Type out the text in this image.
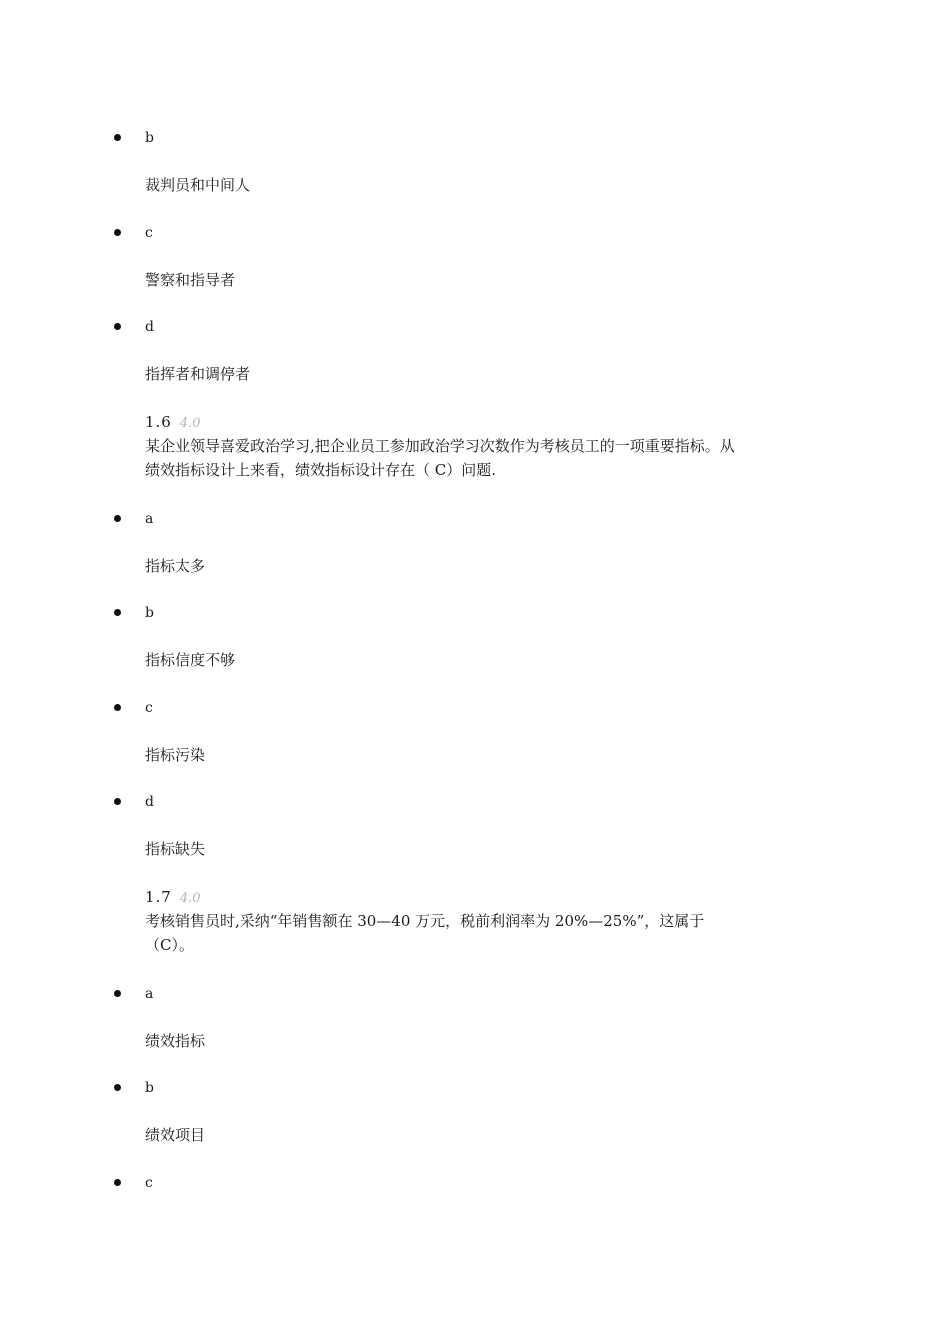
b
裁判员和中间人
c
警察和指导者
d
指挥者和调停者
1.6 4.0
某企业领导喜爱政治学习,把企业员工参加政治学习次数作为考核员工的一项重要指标。从
绩效指标设计上来看，绩效指标设计存在（ C）问题.
a
指标太多
b
指标信度不够
c
指标污染
d
指标缺失
1.7 4.0
考核销售员时,采纳“年销售额在 30—40 万元，税前利润率为 20%—25%”，这属于
（C）。
a
绩效指标
b
绩效项目
c
